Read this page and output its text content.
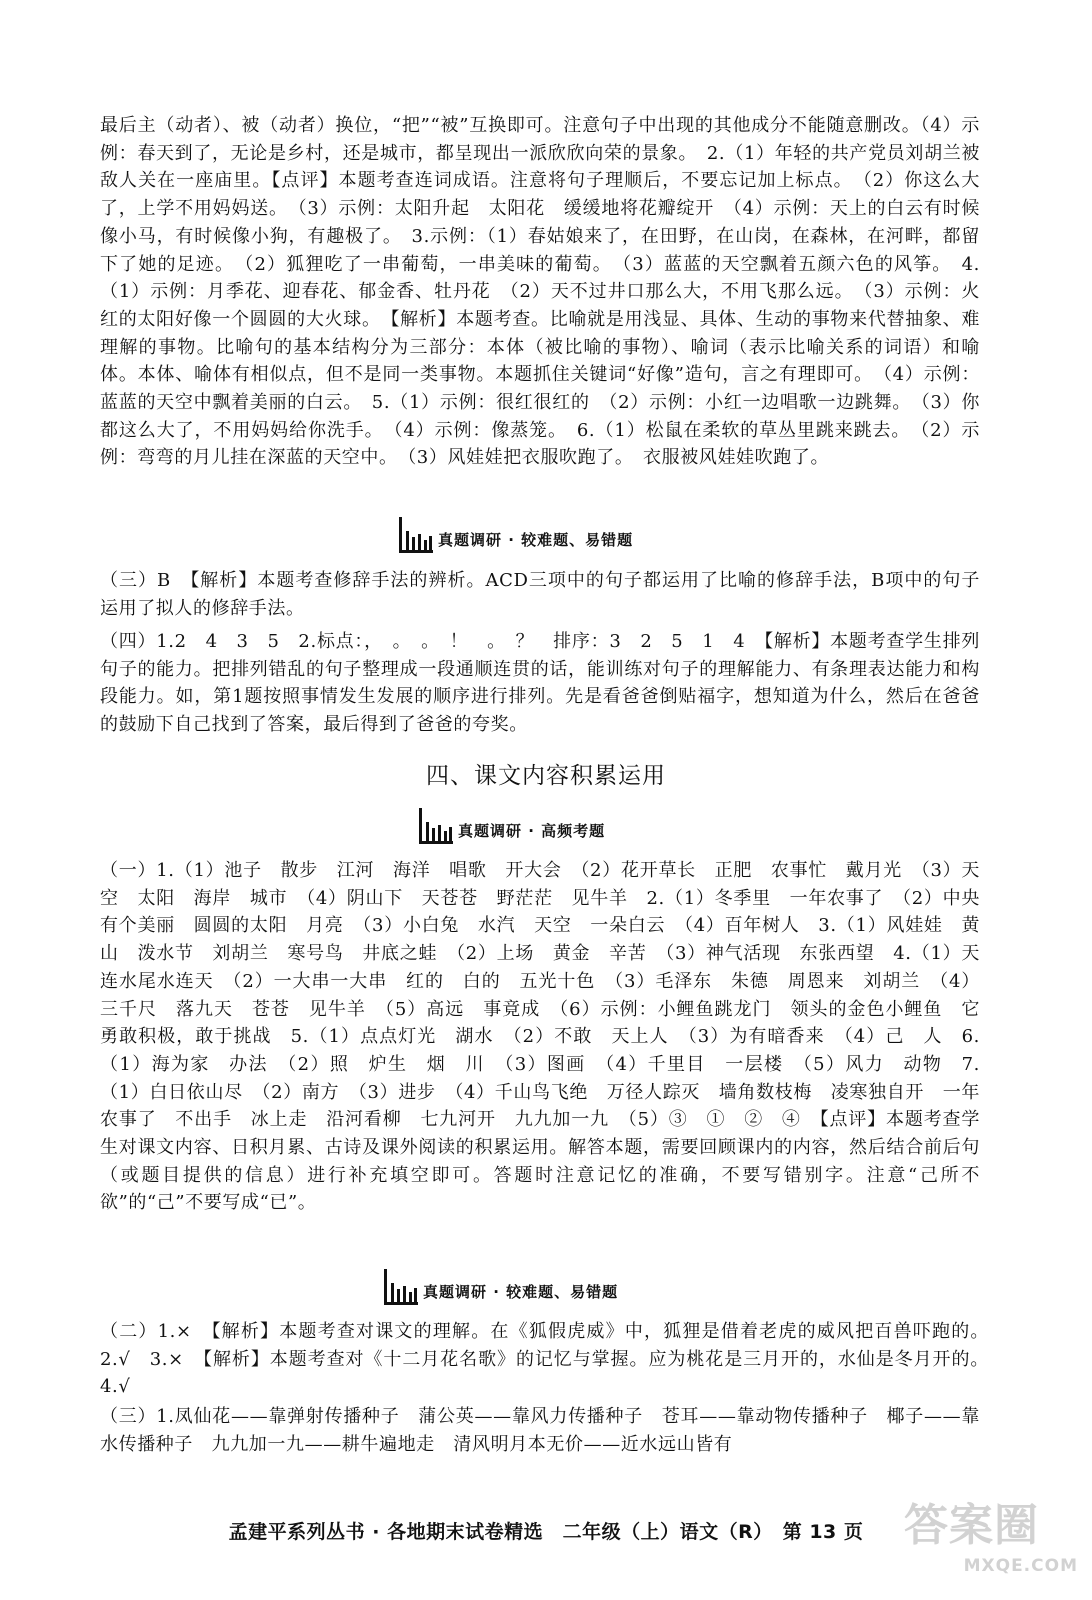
最后主（动者）、被（动者）换位，“把”“被”互换即可。注意句子中出现的其他成分不能随意删改。（4）示例：春天到了，无论是乡村，还是城市，都呈现出一派欣欣向荣的景象。　2.（1）年轻的共产党员刘胡兰被敌人关在一座庙里。【点评】本题考查连词成语。注意将句子理顺后，不要忘记加上标点。　（2）你这么大了，上学不用妈妈送。　（3）示例：太阳升起　太阳花　缓缓地将花瓣绽开　（4）示例：天上的白云有时候像小马，有时候像小狗，有趣极了。　3.示例：（1）春姑娘来了，在田野，在山岗，在森林，在河畔，都留下了她的足迹。　（2）狐狸吃了一串葡萄，一串美味的葡萄。　（3）蓝蓝的天空飘着五颜六色的风筝。　4.（1）示例：月季花、迎春花、郁金香、牡丹花　（2）天不过井口那么大，不用飞那么远。　（3）示例：火红的太阳好像一个圆圆的大火球。　【解析】本题考查。比喻就是用浅显、具体、生动的事物来代替抽象、难理解的事物。比喻句的基本结构分为三部分：本体（被比喻的事物）、喻词（表示比喻关系的词语）和喻体。本体、喻体有相似点，但不是同一类事物。本题抓住关键词“好像”造句，言之有理即可。　（4）示例：蓝蓝的天空中飘着美丽的白云。　5.（1）示例：很红很红的　（2）示例：小红一边唱歌一边跳舞。　（3）你都这么大了，不用妈妈给你洗手。　（4）示例：像蒸笼。　6.（1）松鼠在柔软的草丛里跳来跳去。　（2）示例：弯弯的月儿挂在深蓝的天空中。　（3）风娃娃把衣服吹跑了。　衣服被风娃娃吹跑了。
真题调研 · 较难题、易错题
（三）B　【解析】本题考查修辞手法的辨析。ACD三项中的句子都运用了比喻的修辞手法，B项中的句子运用了拟人的修辞手法。
（四）1.2　4　3　5　2.标点：，　。　。　！　。　？　排序：3　2　5　1　4　【解析】本题考查学生排列句子的能力。把排列错乱的句子整理成一段通顺连贯的话，能训练对句子的理解能力、有条理表达能力和构段能力。如，第1题按照事情发生发展的顺序进行排列。先是看爸爸倒贴福字，想知道为什么，然后在爸爸的鼓励下自己找到了答案，最后得到了爸爸的夸奖。
四、课文内容积累运用
真题调研 · 高频考题
（一）1.（1）池子　散步　江河　海洋　唱歌　开大会　（2）花开草长　正肥　农事忙　戴月光　（3）天空　太阳　海岸　城市　（4）阴山下　天苍苍　野茫茫　见牛羊　2.（1）冬季里　一年农事了　（2）中央有个美丽　圆圆的太阳　月亮　（3）小白兔　水汽　天空　一朵白云　（4）百年树人　3.（1）风娃娃　黄山　泼水节　刘胡兰　寒号鸟　井底之蛙　（2）上场　黄金　辛苦　（3）神气活现　东张西望　4.（1）天连水尾水连天　（2）一大串一大串　红的　白的　五光十色　（3）毛泽东　朱德　周恩来　刘胡兰　（4）三千尺　落九天　苍苍　见牛羊　（5）高远　事竟成　（6）示例：小鲤鱼跳龙门　领头的金色小鲤鱼　它勇敢积极，敢于挑战　5.（1）点点灯光　湖水　（2）不敢　天上人　（3）为有暗香来　（4）己　人　6.（1）海为家　办法　（2）照　炉生　烟　川　（3）图画　（4）千里目　一层楼　（5）风力　动物　7.（1）白日依山尽　（2）南方　（3）进步　（4）千山鸟飞绝　万径人踪灭　墙角数枝梅　凌寒独自开　一年农事了　不出手　冰上走　沿河看柳　七九河开　九九加一九　（5）③　①　②　④　【点评】本题考查学生对课文内容、日积月累、古诗及课外阅读的积累运用。解答本题，需要回顾课内的内容，然后结合前后句（或题目提供的信息）进行补充填空即可。答题时注意记忆的准确，不要写错别字。注意“己所不欲”的“己”不要写成“已”。
真题调研 · 较难题、易错题
（二）1.×　【解析】本题考查对课文的理解。在《狐假虎威》中，狐狸是借着老虎的威风把百兽吓跑的。　2.√　3.×　【解析】本题考查对《十二月花名歌》的记忆与掌握。应为桃花是三月开的，水仙是冬月开的。　4.√
（三）1.凤仙花——靠弹射传播种子　蒲公英——靠风力传播种子　苍耳——靠动物传播种子　椰子——靠水传播种子　九九加一九——耕牛遍地走　清风明月本无价——近水远山皆有
孟建平系列丛书 · 各地期末试卷精选　二年级（上）语文（R）　第 13 页 答案圈
MXQE.COM
